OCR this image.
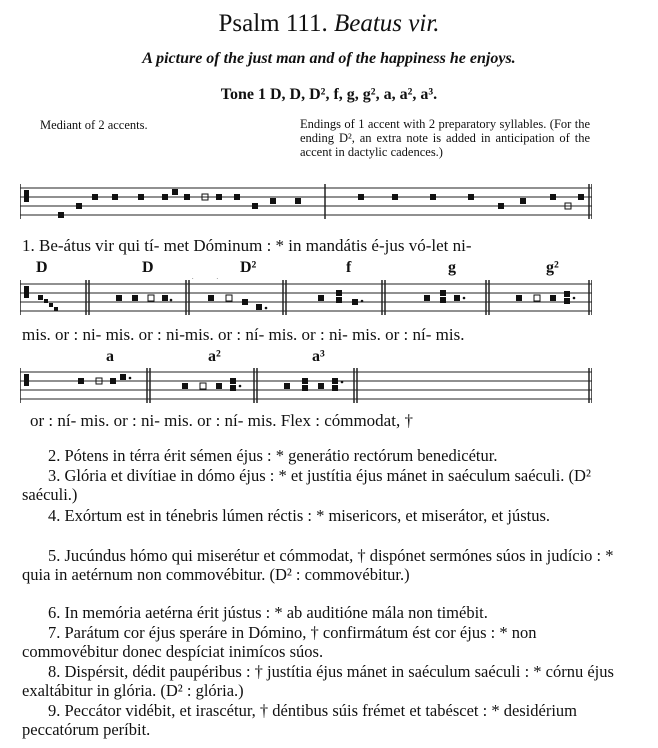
Psalm 111. Beatus vir.
A picture of the just man and of the happiness he enjoys.
Tone 1 D, D, D², f, g, g², a, a², a³.
Mediant of 2 accents.	Endings of 1 accent with 2 preparatory syllables. (For the ending D², an extra note is added in anticipation of the accent in dactylic cadences.)
1. Be-átus vir qui tí- met Dóminum : * in mandátis é-jus vó-let ni-
D	D	D²	f	g	g²
mis. or : ni- mis. or : ni-mis. or : ní- mis. or : ni- mis. or : ní- mis.
a	a²	a³
or : ní- mis. or : ni- mis. or : ní- mis. Flex : cómmodat, †
2. Pótens in térra érit sémen éjus : * generátio rectórum benedicétur.
3. Glória et divítiae in dómo éjus : * et justítia éjus mánet in saéculum saéculi. (D² saéculi.)
4. Exórtum est in ténebris lúmen réctis : * misericors, et miserátor, et jústus.
5. Jucúndus hómo qui miserétur et cómmodat, † dispónet sermónes súos in judício : * quia in aetérnum non commovébitur. (D² : commovébitur.)
6. In memória aetérna érit jústus : * ab auditióne mála non timébit.
7. Parátum cor éjus speráre in Dómino, † confirmátum ést cor éjus : * non commovébitur donec despíciat inimícos súos.
8. Dispérsit, dédit paupéribus : † justítia éjus mánet in saéculum saéculi : * córnu éjus exaltábitur in glória. (D² : glória.)
9. Peccátor vidébit, et irascétur, † déntibus súis frémet et tabéscet : * desidérium peccatórum períbit.
